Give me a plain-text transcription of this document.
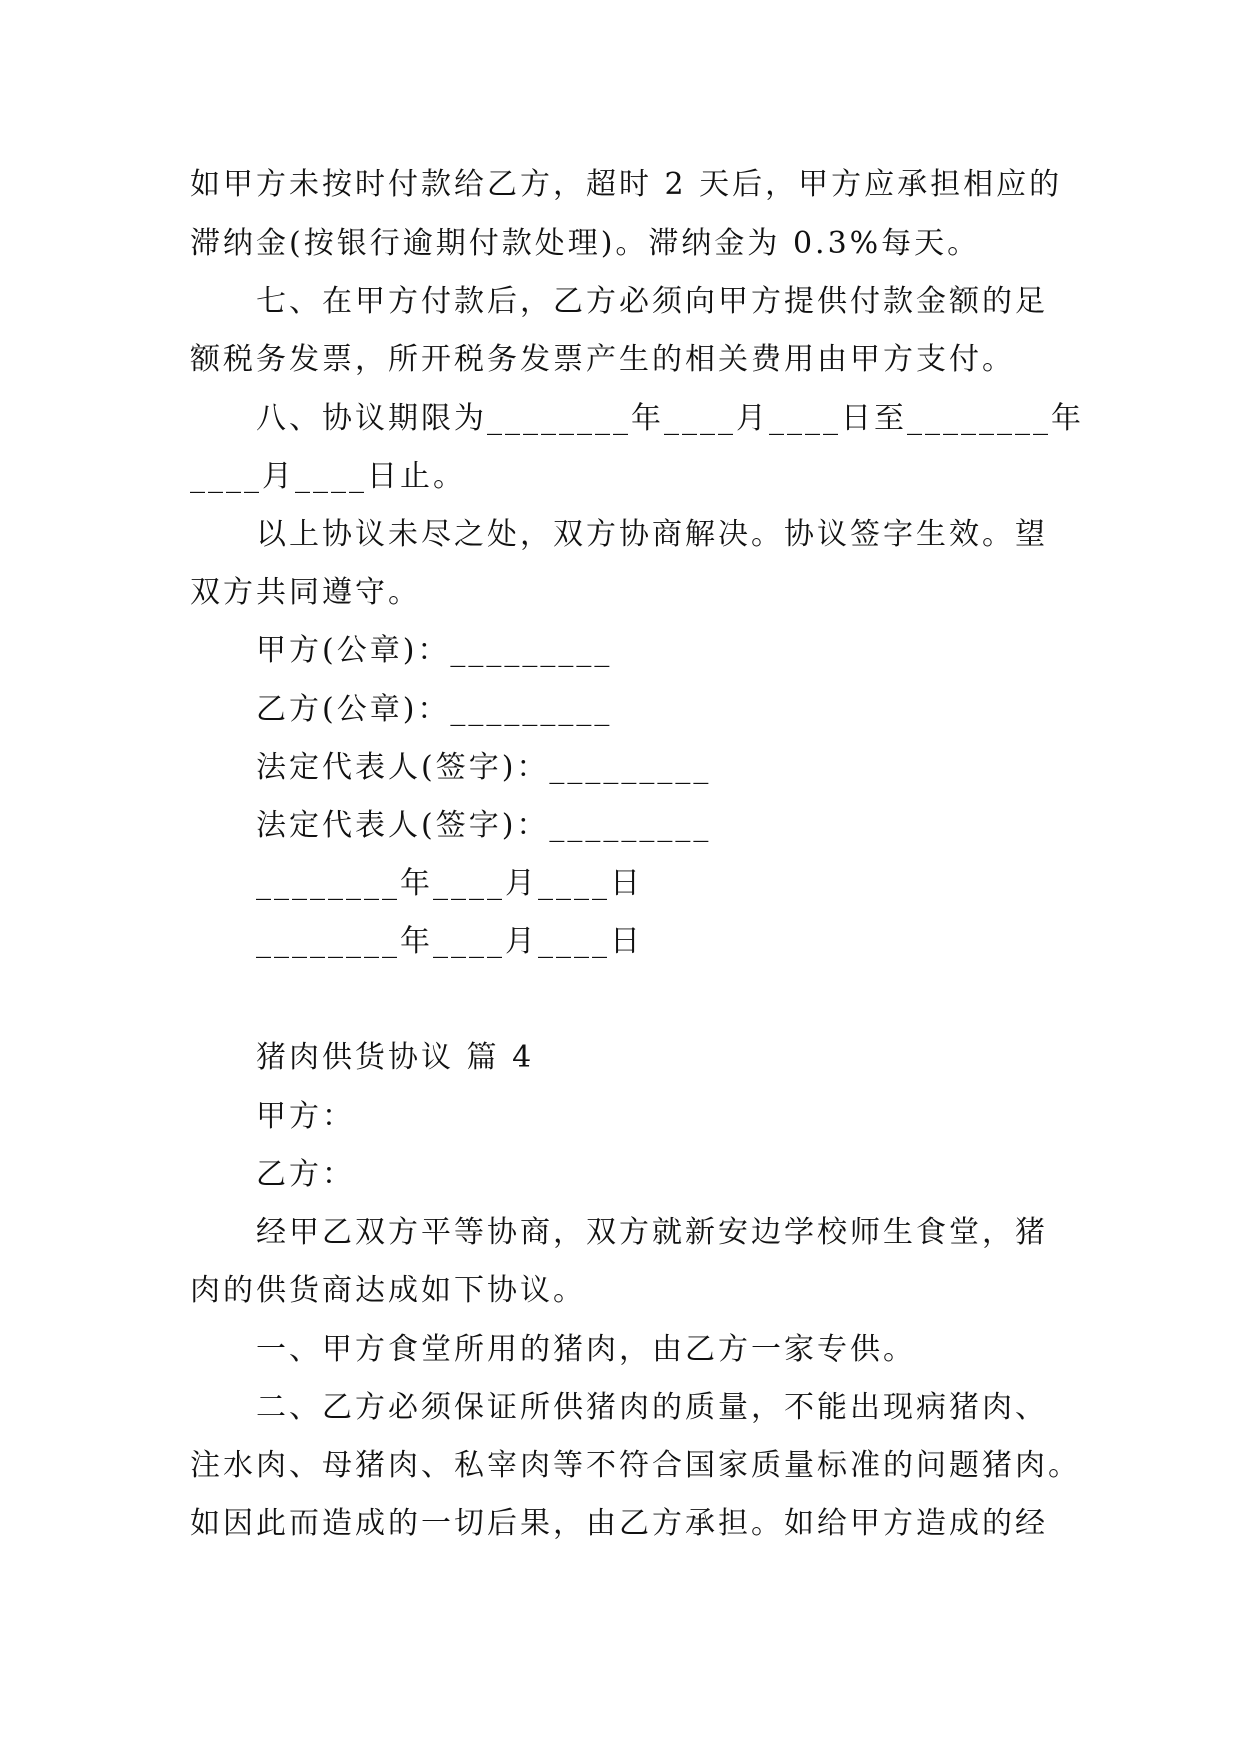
如甲方未按时付款给乙方，超时 2 天后，甲方应承担相应的
滞纳金(按银行逾期付款处理)。滞纳金为 0.3%每天。
七、在甲方付款后，乙方必须向甲方提供付款金额的足
额税务发票，所开税务发票产生的相关费用由甲方支付。
八、协议期限为________年____月____日至________年
____月____日止。
以上协议未尽之处，双方协商解决。协议签字生效。望
双方共同遵守。
甲方(公章)：_________
乙方(公章)：_________
法定代表人(签字)：_________
法定代表人(签字)：_________
________年____月____日
________年____月____日
猪肉供货协议 篇 4
甲方：
乙方：
经甲乙双方平等协商，双方就新安边学校师生食堂，猪
肉的供货商达成如下协议。
一、甲方食堂所用的猪肉，由乙方一家专供。
二、乙方必须保证所供猪肉的质量，不能出现病猪肉、
注水肉、母猪肉、私宰肉等不符合国家质量标准的问题猪肉。
如因此而造成的一切后果，由乙方承担。如给甲方造成的经
